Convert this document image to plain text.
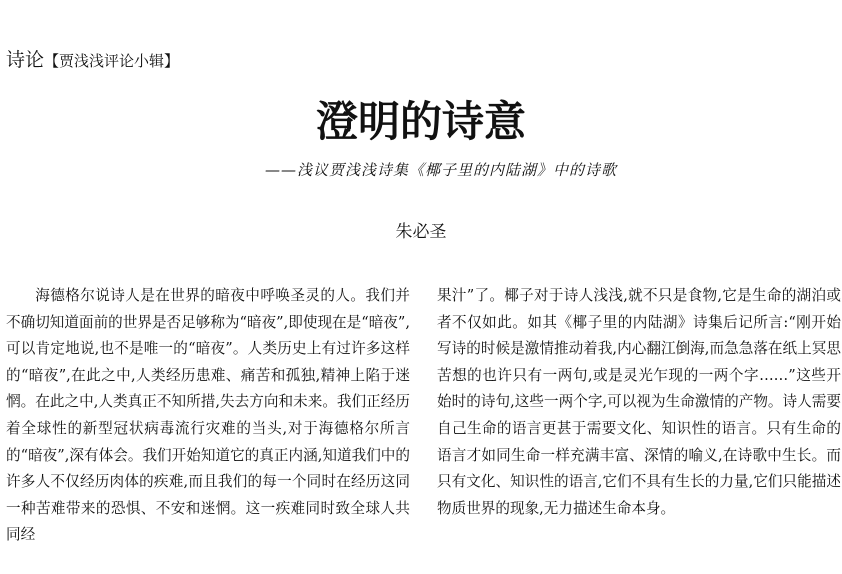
诗论【贾浅浅评论小辑】
澄明的诗意
——浅议贾浅浅诗集《椰子里的内陆湖》中的诗歌
朱必圣

海德格尔说诗人是在世界的暗夜中呼唤圣灵的人。我们并不确切知道面前的世界是否足够称为“暗夜”,即使现在是“暗夜”,可以肯定地说,也不是唯一的“暗夜”。人类历史上有过许多这样的“暗夜”,在此之中,人类经历患难、痛苦和孤独,精神上陷于迷惘。在此之中,人类真正不知所措,失去方向和未来。我们正经历着全球性的新型冠状病毒流行灾难的当头,对于海德格尔所言的“暗夜”,深有体会。我们开始知道它的真正内涵,知道我们中的许多人不仅经历肉体的疾难,而且我们的每一个同时在经历这同一种苦难带来的恐惧、不安和迷惘。这一疾难同时致全球人共同经

果汁”了。椰子对于诗人浅浅,就不只是食物,它是生命的湖泊或者不仅如此。如其《椰子里的内陆湖》诗集后记所言:“刚开始写诗的时候是激情推动着我,内心翻江倒海,而急急落在纸上冥思苦想的也许只有一两句,或是灵光乍现的一两个字……”这些开始时的诗句,这些一两个字,可以视为生命激情的产物。诗人需要自己生命的语言更甚于需要文化、知识性的语言。只有生命的语言才如同生命一样充满丰富、深情的喻义,在诗歌中生长。而只有文化、知识性的语言,它们不具有生长的力量,它们只能描述物质世界的现象,无力描述生命本身。
